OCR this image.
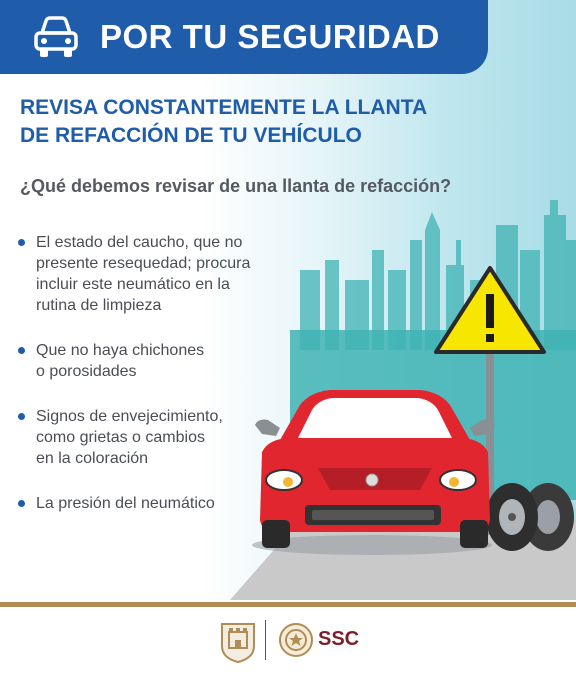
POR TU SEGURIDAD
REVISA CONSTANTEMENTE LA LLANTA
DE REFACCIÓN DE TU VEHÍCULO
¿Qué debemos revisar de una llanta de refacción?
El estado del caucho, que no
presente resequedad; procura
incluir este neumático en la
rutina de limpieza
Que no haya chichones
o porosidades
Signos de envejecimiento,
como grietas o cambios
en la coloración
La presión del neumático
SSC
